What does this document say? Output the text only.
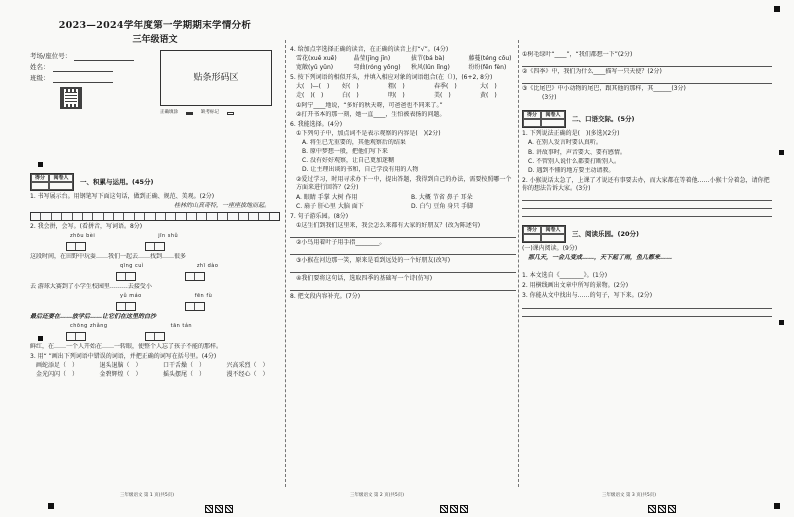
2023—2024学年度第一学期期末学情分析
三年级语文
考场/座位号：
姓名：
班级：	贴条形码区
正确填涂	缺考标记
得分	阅卷人	一、积累与运用。(45分)
1. 书写展示台。用钢笔写下面这句话，做到正确、规范、美观。(2分)
桂林的山真奇特，一座座拔地而起。
2. 我会拼，会写。(看拼音，写词语。8分)
zhōu bèi	jīn shǔ
这段时间，在田野中玩耍……我们一起去……找到……很多
qīng cuì	zhī dào
去 游球大赛到了小学生校园里………去接受小
yǔ máo	fēn fù
最后还要在……放学后……让它们在这里的白沙
chōng zhǎng	tān tán
鲜红，在……一个人开始在……一转眼，使整个人忘了孩子不能的那样。
3. 用“ ”画出下列词语中错误的词语，并把正确的词写在括号里。(4分)
画蛇添足（　）	退头退脑（　）	口干舌燥（　）	兴高采烈（　）
金光闪闪（　）	金碧辉煌（　）	摇头摆尾（　）	漫不经心（　）
三年级语文 第 1 页(共5页)
4. 给加点字选择正确的读音，在正确的读音上打“√”。(4分)
雪花(xuě xuē)	晶莹(jīng jīn)	拔节(bá bà)	藤蔓(téng cōu)
宽敞(yǔ yǔn)	弯曲(róng yǒng) 秋风(lǔn lǐng)	纷纷(fēn fèn)
5. 按下列词语的相似开头，并填入相应对象的词语组合(在（）)，(6+2, 8分)
大(　)—(　)	好(　)	粗(　)	春季(　)	大(　)
走(　)(　)	白(　)	明(　)	美(　)	黄(　)
①阿宁____地说，“多好的秋天呀，可爸爸也不同来了。”
②打开书本的那一刻，她一直____，生怕被表扬的问题。
6. 我能选择。(4分)
①下列句子中，加点词不是表示观察的内容是(　)(2分)
A. 将生已无重要的，其他观察后的结果
B. 原中梦想一般，把他们写下来
C. 没有好好观察，让自己更加迷糊
D. 让主理出谈的书和，自己学没有用的人物
②爱过学习，时用寻求办下一中，提出答题，我得到自己的办法，需要按照哪一个方面来进行回答？(2分)
A. 眼睛 手掌 大树 作用	B. 大概 节省 鼻子 耳朵
C. 扇子 肝心里 大脑 面下	D. 白勺 豆角 身只 手脚
7. 句子游乐园。(8分)
①这生们到我们这里来，我会怎么来都有大家的好朋友？(改为陈述句)
②小鸟用着叶子用手指________。
③小猴在河边那一笑，原来是看到远处的一个好朋友(改写)
④我们要将这句话，选取四季的基础写一个诗(仿写)
8. 把文段内容补充。(7分)
三年级语文 第 2 页(共5页)
①树毛绿叶“____”，“我们都想一下”(2分)
②《四季》中，我们为什么____描写一只天使？(2分)
③《比尾巴》中小动物的尾巴，跟其他的那样，其______(3分)
(3分)
得分	阅卷人	二、口语交际。(5分)
1. 下列说法正确的是(　)(多选)(2分)
A. 在别人发言时要认真听。
B. 讲故事时，声音要大、要有感情。
C. 不管别人说什么都要打断别人。
D. 遇到不懂的地方要主动请教。
2. 小猴说话太急了，上课了才说还有事要去办，而大家都在等着他……小猴十分着急，请你把你的想法告诉大家。(3分)
得分	阅卷人	三、阅读乐园。(20分)
(一)课内阅读。(9分)
那几天，一会儿变成……，天下起了雨，鱼儿都来……
1. 本文选自《________》。(1分)
2. 用横线画出文章中所写的景物。(2分)
3. 你能从文中找出与……的句子，写下来。(2分)
三年级语文 第 3 页(共5页)
